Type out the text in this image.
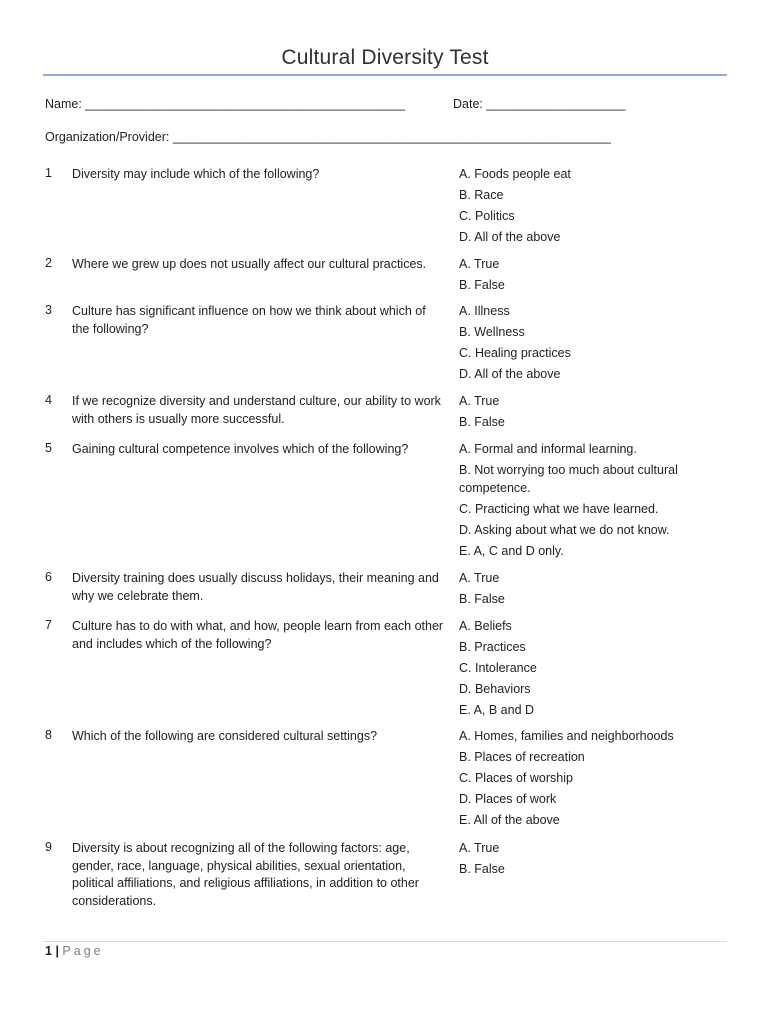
Cultural Diversity Test
Name: ______________________________________________	Date: ____________________
Organization/Provider: _______________________________________________________________
1 Diversity may include which of the following?	A. Foods people eat
B. Race
C. Politics
D. All of the above
2 Where we grew up does not usually affect our cultural practices.	A. True
B. False
3 Culture has significant influence on how we think about which of the following?
A. Illness
B. Wellness
C. Healing practices
D. All of the above
4 If we recognize diversity and understand culture, our ability to work with others is usually more successful.
A. True
B. False
5 Gaining cultural competence involves which of the following?	A. Formal and informal learning.
B. Not worrying too much about cultural competence.
C. Practicing what we have learned.
D. Asking about what we do not know.
E. A, C and D only.
6 Diversity training does usually discuss holidays, their meaning and why we celebrate them.
A. True
B. False
7 Culture has to do with what, and how, people learn from each other and includes which of the following?
A. Beliefs
B. Practices
C. Intolerance
D. Behaviors
E. A, B and D
8 Which of the following are considered cultural settings?	A. Homes, families and neighborhoods
B. Places of recreation
C. Places of worship
D. Places of work
E. All of the above
9 Diversity is about recognizing all of the following factors: age, gender, race, language, physical abilities, sexual orientation, political affiliations, and religious affiliations, in addition to other considerations.
A. True
B. False
1 | Page
